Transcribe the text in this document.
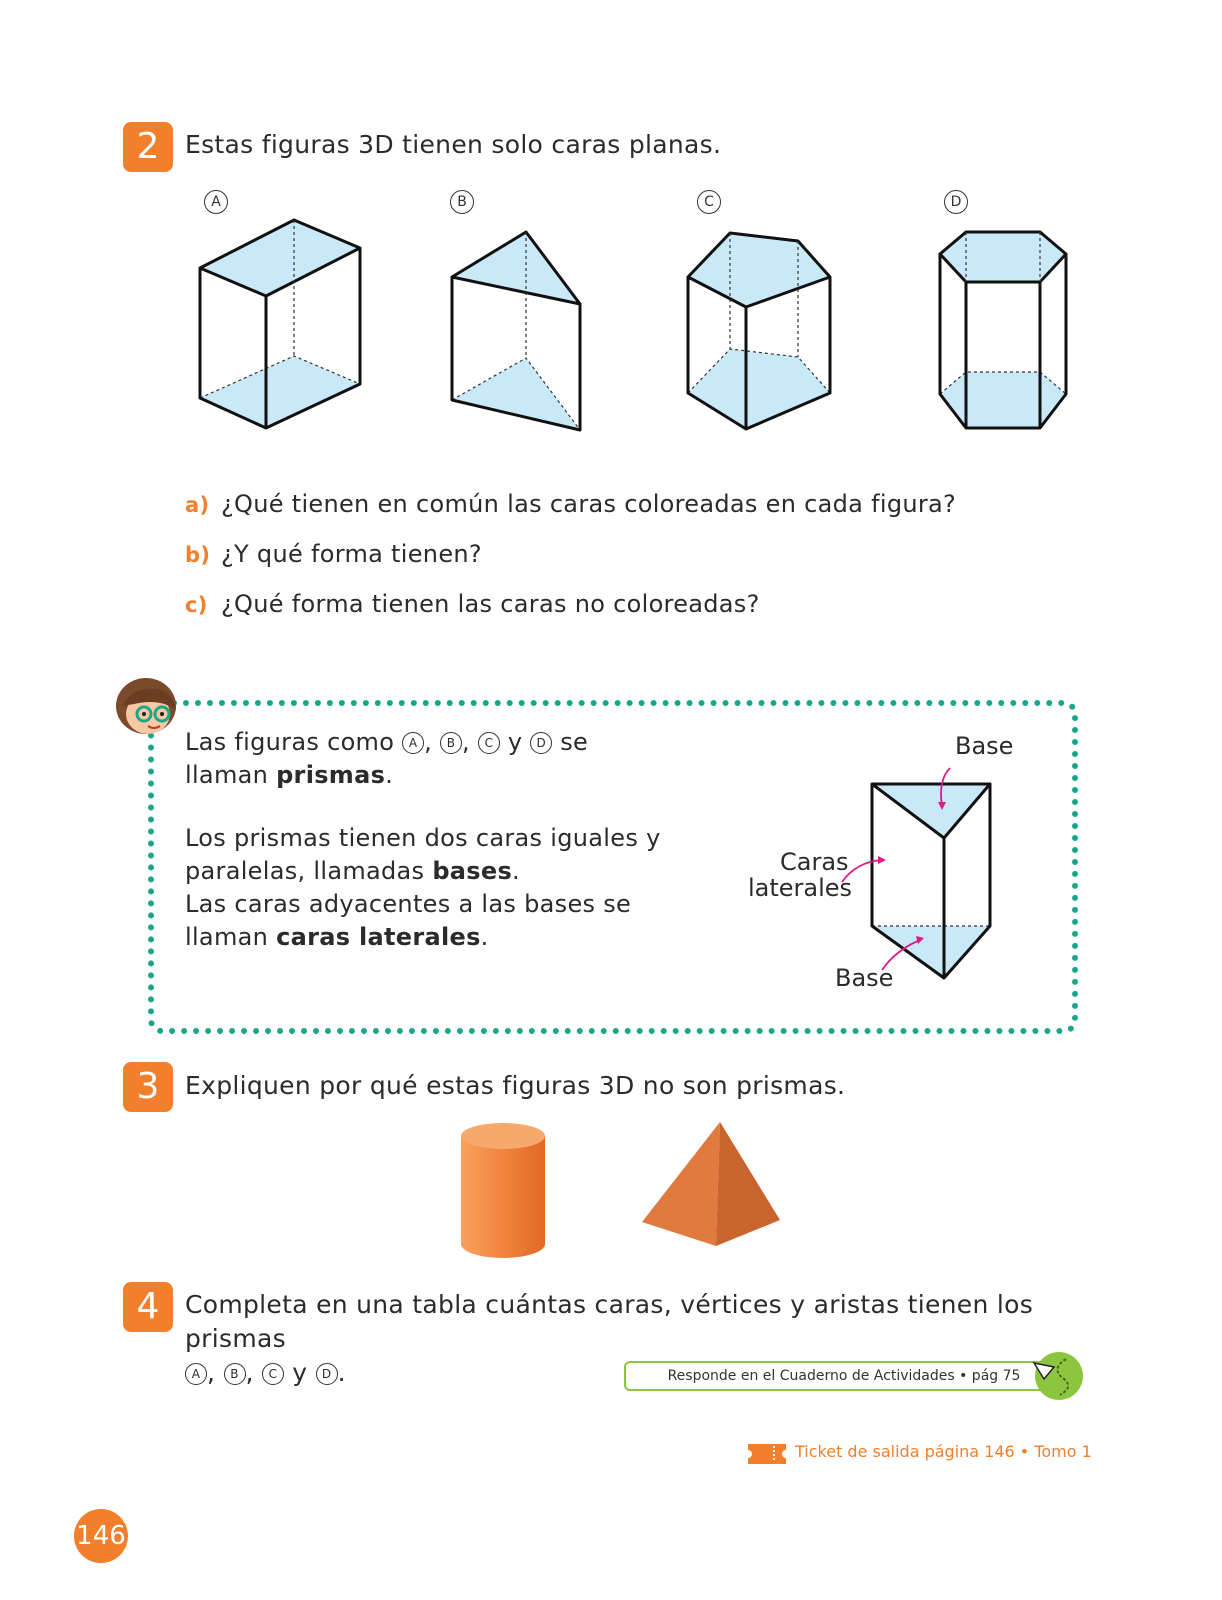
2	Estas figuras 3D tienen solo caras planas.
A	B	C	D
a) ¿Qué tienen en común las caras coloreadas en cada figura?
b) ¿Y qué forma tienen?
c) ¿Qué forma tienen las caras no coloreadas?
Las figuras como A , B , C y D se
llaman prismas.
Los prismas tienen dos caras iguales y
paralelas, llamadas bases.
Las caras adyacentes a las bases se
llaman caras laterales.
Base
Caras
laterales
Base
3	Expliquen por qué estas figuras 3D no son prismas.
4	Completa en una tabla cuántas caras, vértices y aristas tienen los prismas
A , B , C y D .	Responde en el Cuaderno de Actividades • pág 75
Ticket de salida página 146 • Tomo 1
146
